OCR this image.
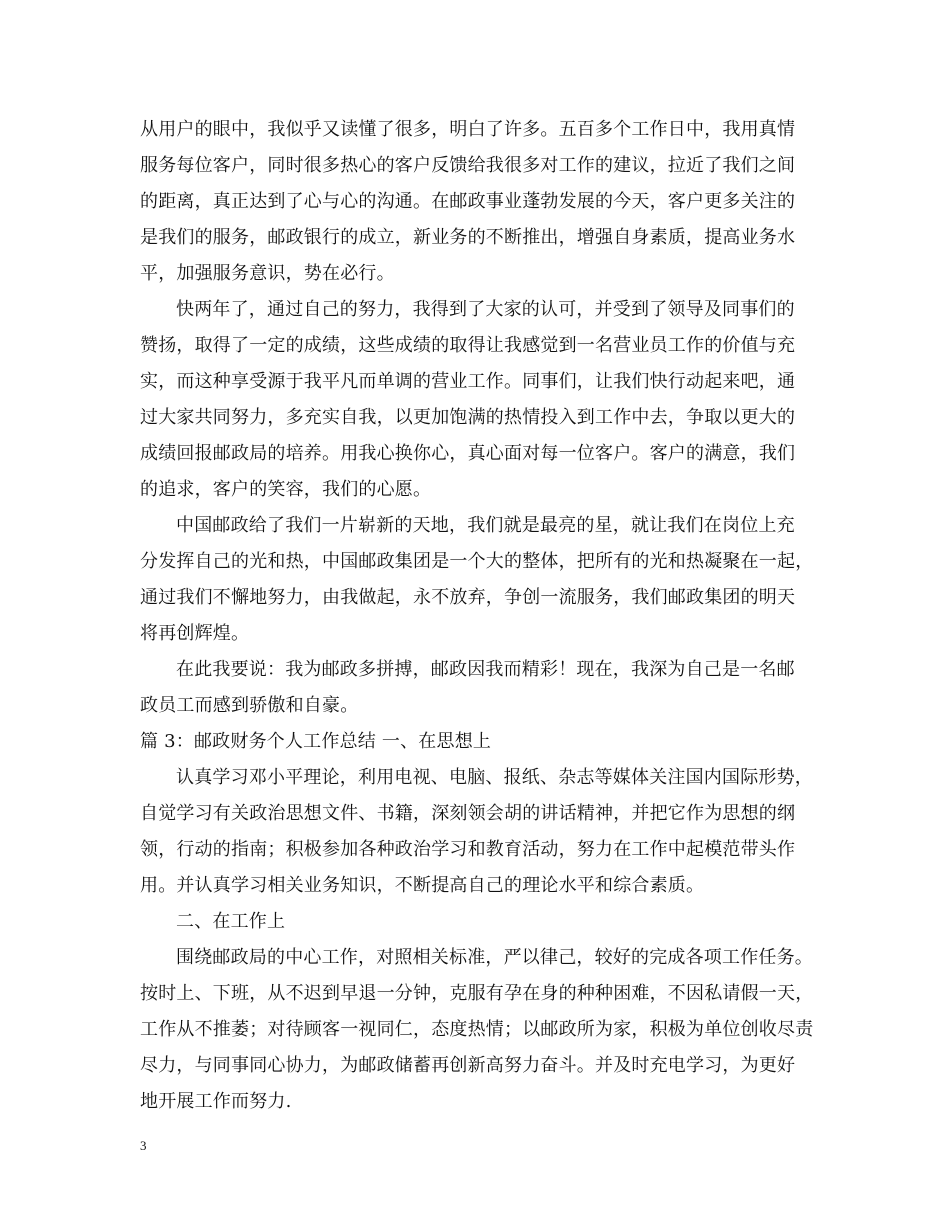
从用户的眼中，我似乎又读懂了很多，明白了许多。五百多个工作日中，我用真情
服务每位客户，同时很多热心的客户反馈给我很多对工作的建议，拉近了我们之间
的距离，真正达到了心与心的沟通。在邮政事业蓬勃发展的今天，客户更多关注的
是我们的服务，邮政银行的成立，新业务的不断推出，增强自身素质，提高业务水
平，加强服务意识，势在必行。
快两年了，通过自己的努力，我得到了大家的认可，并受到了领导及同事们的
赞扬，取得了一定的成绩，这些成绩的取得让我感觉到一名营业员工作的价值与充
实，而这种享受源于我平凡而单调的营业工作。同事们，让我们快行动起来吧，通
过大家共同努力，多充实自我，以更加饱满的热情投入到工作中去，争取以更大的
成绩回报邮政局的培养。用我心换你心，真心面对每一位客户。客户的满意，我们
的追求，客户的笑容，我们的心愿。
中国邮政给了我们一片崭新的天地，我们就是最亮的星，就让我们在岗位上充
分发挥自己的光和热，中国邮政集团是一个大的整体，把所有的光和热凝聚在一起，
通过我们不懈地努力，由我做起，永不放弃，争创一流服务，我们邮政集团的明天
将再创辉煌。
在此我要说：我为邮政多拼搏，邮政因我而精彩！现在，我深为自己是一名邮
政员工而感到骄傲和自豪。
篇 3：邮政财务个人工作总结 一、在思想上
认真学习邓小平理论，利用电视、电脑、报纸、杂志等媒体关注国内国际形势，
自觉学习有关政治思想文件、书籍，深刻领会胡的讲话精神，并把它作为思想的纲
领，行动的指南；积极参加各种政治学习和教育活动，努力在工作中起模范带头作
用。并认真学习相关业务知识，不断提高自己的理论水平和综合素质。
二、在工作上
围绕邮政局的中心工作，对照相关标准，严以律己，较好的完成各项工作任务。
按时上、下班，从不迟到早退一分钟，克服有孕在身的种种困难，不因私请假一天，
工作从不推萎；对待顾客一视同仁，态度热情；以邮政所为家，积极为单位创收尽责
尽力，与同事同心协力，为邮政储蓄再创新高努力奋斗。并及时充电学习，为更好
地开展工作而努力.
3
